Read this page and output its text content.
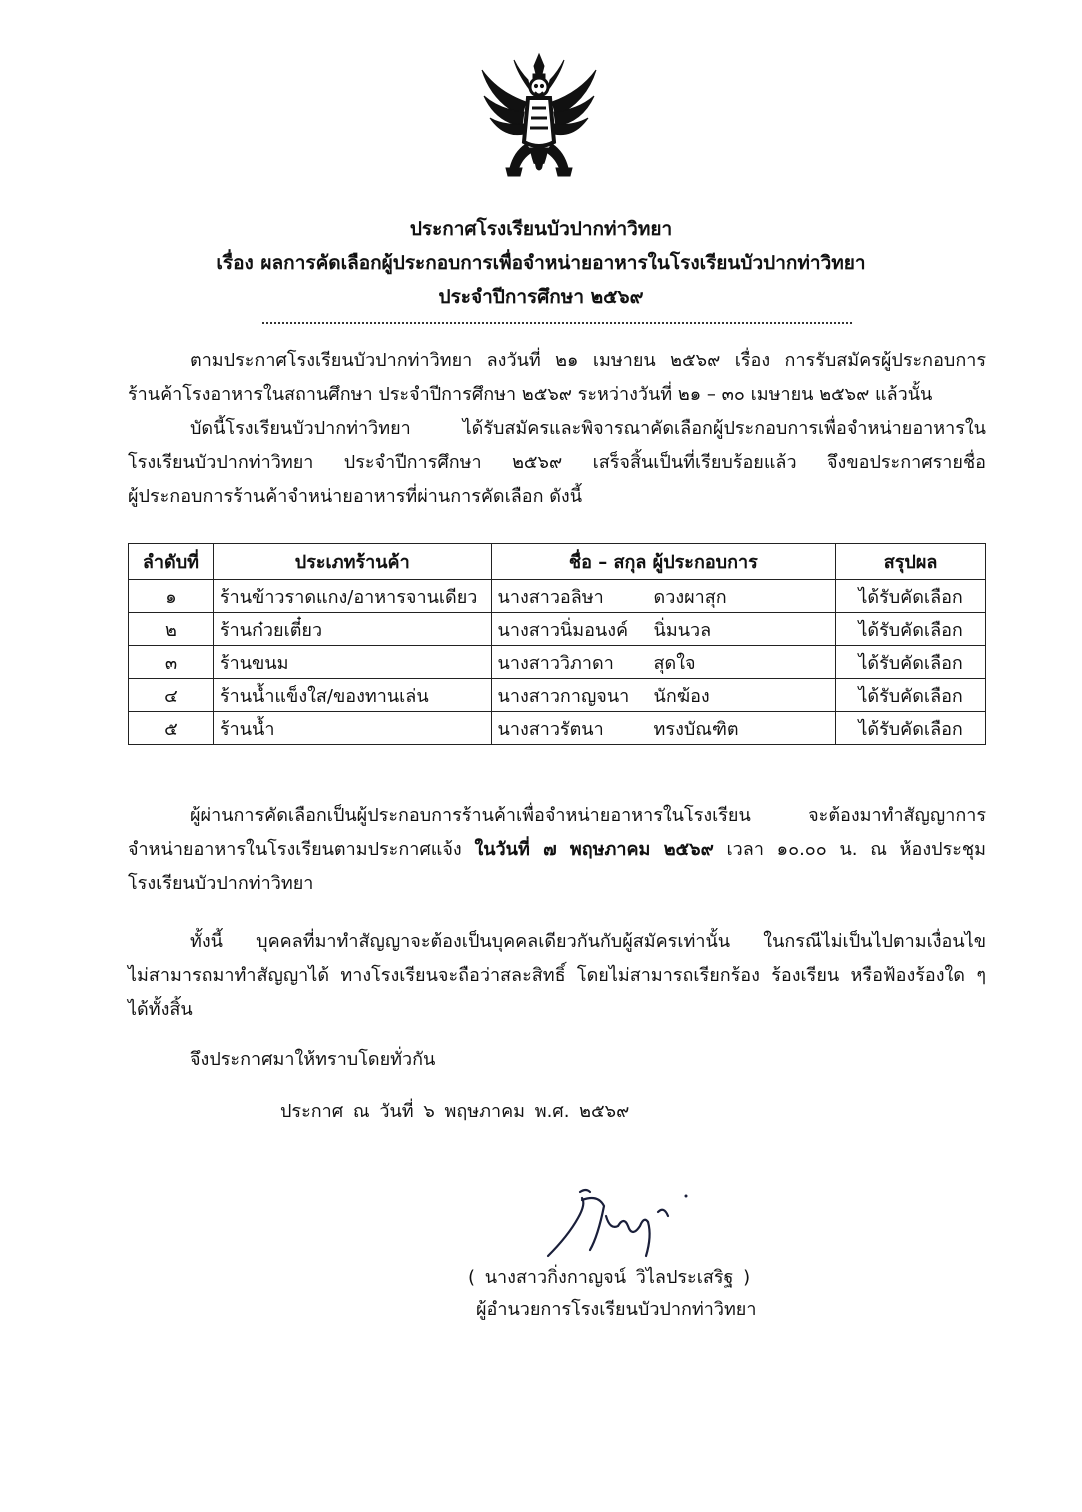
ประกาศโรงเรียนบัวปากท่าวิทยา
เรื่อง ผลการคัดเลือกผู้ประกอบการเพื่อจำหน่ายอาหารในโรงเรียนบัวปากท่าวิทยา
ประจำปีการศึกษา ๒๕๖๙
ตามประกาศโรงเรียนบัวปากท่าวิทยา ลงวันที่ ๒๑ เมษายน ๒๕๖๙ เรื่อง การรับสมัครผู้ประกอบการ
ร้านค้าโรงอาหารในสถานศึกษา ประจำปีการศึกษา ๒๕๖๙ ระหว่างวันที่ ๒๑ – ๓๐ เมษายน ๒๕๖๙ แล้วนั้น
บัดนี้โรงเรียนบัวปากท่าวิทยา ได้รับสมัครและพิจารณาคัดเลือกผู้ประกอบการเพื่อจำหน่ายอาหารใน
โรงเรียนบัวปากท่าวิทยา ประจำปีการศึกษา ๒๕๖๙ เสร็จสิ้นเป็นที่เรียบร้อยแล้ว จึงขอประกาศรายชื่อ
ผู้ประกอบการร้านค้าจำหน่ายอาหารที่ผ่านการคัดเลือก ดังนี้
ลำดับที่	ประเภทร้านค้า	ชื่อ – สกุล ผู้ประกอบการ	สรุปผล
๑	ร้านข้าวราดแกง/อาหารจานเดียว	นางสาวอลิษา ดวงผาสุก	ได้รับคัดเลือก
๒	ร้านก๋วยเตี๋ยว	นางสาวนิ่มอนงค์ นิ่มนวล	ได้รับคัดเลือก
๓	ร้านขนม	นางสาววิภาดา สุดใจ	ได้รับคัดเลือก
๔	ร้านน้ำแข็งใส/ของทานเล่น	นางสาวกาญจนา นักฆ้อง	ได้รับคัดเลือก
๕	ร้านน้ำ	นางสาวรัตนา ทรงบัณฑิต	ได้รับคัดเลือก
ผู้ผ่านการคัดเลือกเป็นผู้ประกอบการร้านค้าเพื่อจำหน่ายอาหารในโรงเรียน จะต้องมาทำสัญญาการ
จำหน่ายอาหารในโรงเรียนตามประกาศแจ้ง ในวันที่ ๗ พฤษภาคม ๒๕๖๙ เวลา ๑๐.๐๐ น. ณ ห้องประชุม
โรงเรียนบัวปากท่าวิทยา
ทั้งนี้ บุคคลที่มาทำสัญญาจะต้องเป็นบุคคลเดียวกันกับผู้สมัครเท่านั้น ในกรณีไม่เป็นไปตามเงื่อนไข
ไม่สามารถมาทำสัญญาได้ ทางโรงเรียนจะถือว่าสละสิทธิ์ โดยไม่สามารถเรียกร้อง ร้องเรียน หรือฟ้องร้องใด ๆ
ได้ทั้งสิ้น
จึงประกาศมาให้ทราบโดยทั่วกัน
ประกาศ ณ วันที่ ๖ พฤษภาคม พ.ศ. ๒๕๖๙
( นางสาวกิ่งกาญจน์ วิไลประเสริฐ )
ผู้อำนวยการโรงเรียนบัวปากท่าวิทยา
